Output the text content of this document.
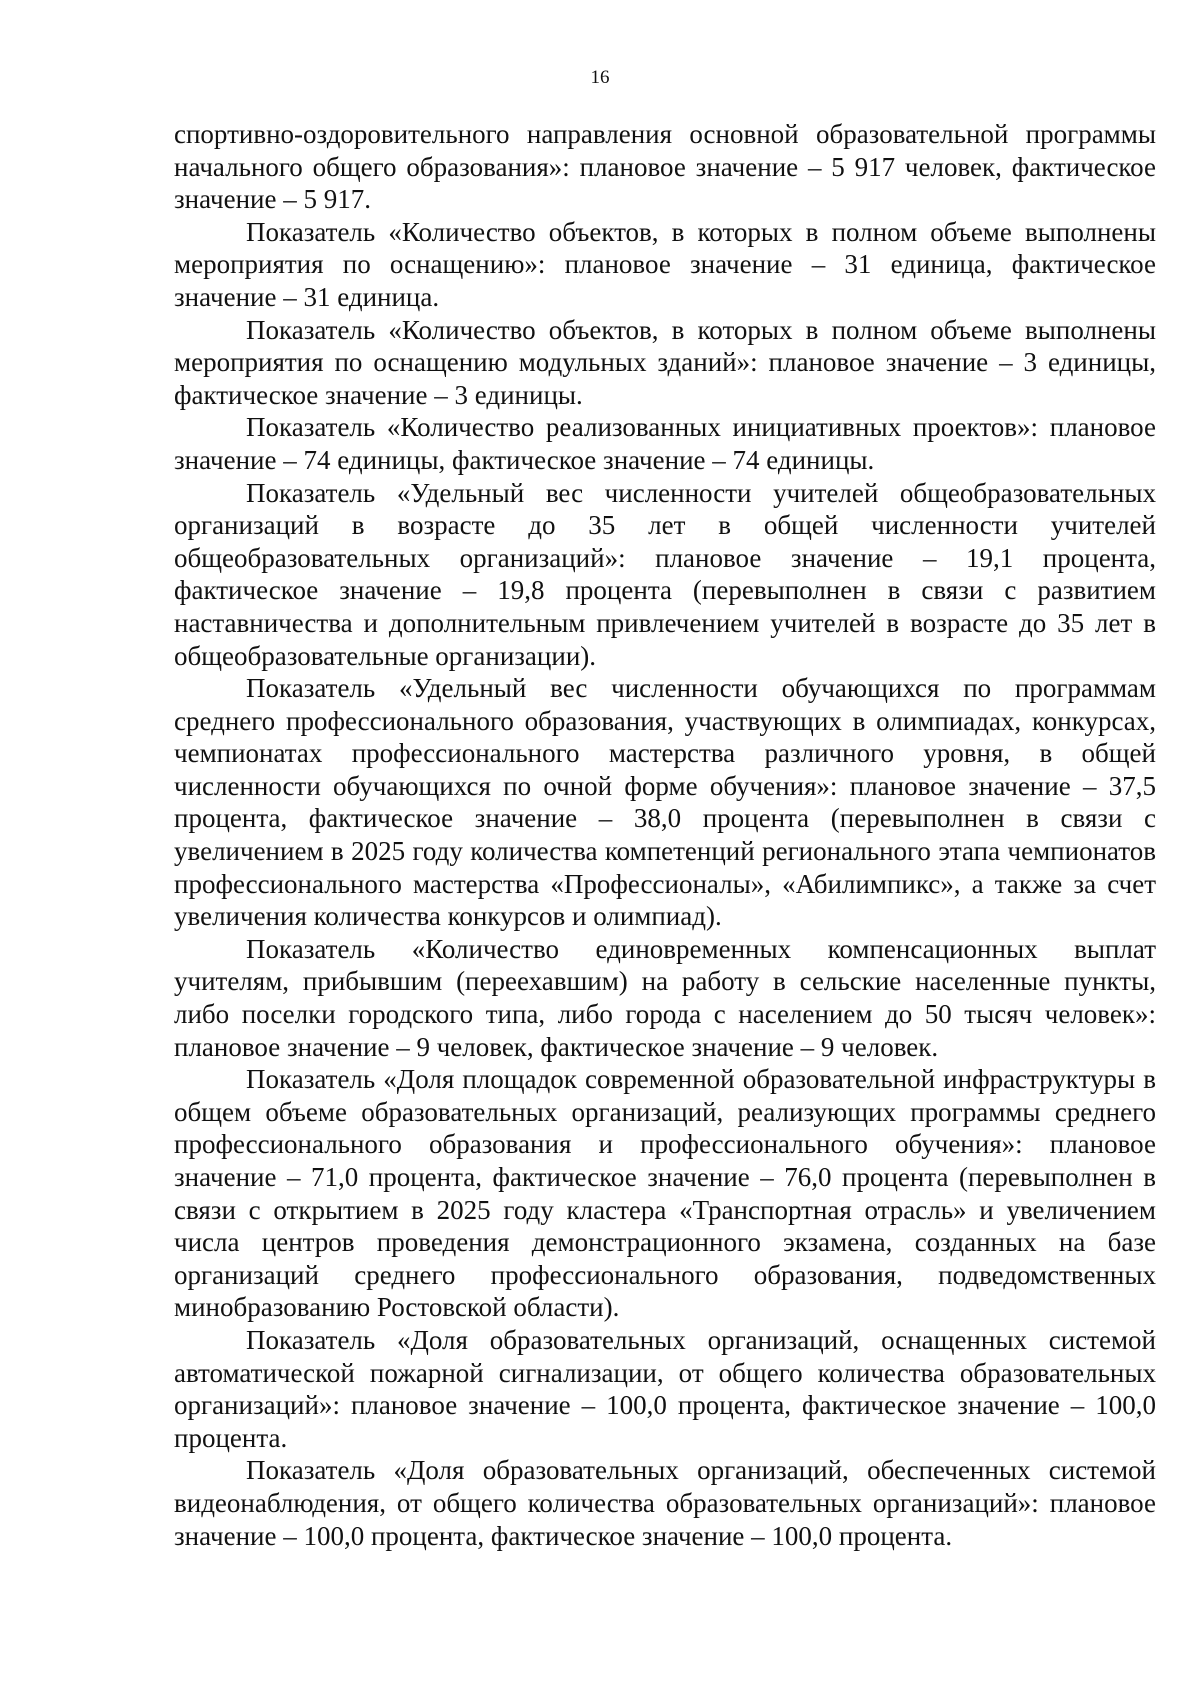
16

спортивно-оздоровительного направления основной образовательной программы начального общего образования»: плановое значение – 5 917 человек, фактическое значение – 5 917.

Показатель «Количество объектов, в которых в полном объеме выполнены мероприятия по оснащению»: плановое значение – 31 единица, фактическое значение – 31 единица.

Показатель «Количество объектов, в которых в полном объеме выполнены мероприятия по оснащению модульных зданий»: плановое значение – 3 единицы, фактическое значение – 3 единицы.

Показатель «Количество реализованных инициативных проектов»: плановое значение – 74 единицы, фактическое значение – 74 единицы.

Показатель «Удельный вес численности учителей общеобразовательных организаций в возрасте до 35 лет в общей численности учителей общеобразовательных организаций»: плановое значение – 19,1 процента, фактическое значение – 19,8 процента (перевыполнен в связи с развитием наставничества и дополнительным привлечением учителей в возрасте до 35 лет в общеобразовательные организации).

Показатель «Удельный вес численности обучающихся по программам среднего профессионального образования, участвующих в олимпиадах, конкурсах, чемпионатах профессионального мастерства различного уровня, в общей численности обучающихся по очной форме обучения»: плановое значение – 37,5 процента, фактическое значение – 38,0 процента (перевыполнен в связи с увеличением в 2025 году количества компетенций регионального этапа чемпионатов профессионального мастерства «Профессионалы», «Абилимпикс», а также за счет увеличения количества конкурсов и олимпиад).

Показатель «Количество единовременных компенсационных выплат учителям, прибывшим (переехавшим) на работу в сельские населенные пункты, либо поселки городского типа, либо города с населением до 50 тысяч человек»: плановое значение – 9 человек, фактическое значение – 9 человек.

Показатель «Доля площадок современной образовательной инфраструктуры в общем объеме образовательных организаций, реализующих программы среднего профессионального образования и профессионального обучения»: плановое значение – 71,0 процента, фактическое значение – 76,0 процента (перевыполнен в связи с открытием в 2025 году кластера «Транспортная отрасль» и увеличением числа центров проведения демонстрационного экзамена, созданных на базе организаций среднего профессионального образования, подведомственных минобразованию Ростовской области).

Показатель «Доля образовательных организаций, оснащенных системой автоматической пожарной сигнализации, от общего количества образовательных организаций»: плановое значение – 100,0 процента, фактическое значение – 100,0 процента.

Показатель «Доля образовательных организаций, обеспеченных системой видеонаблюдения, от общего количества образовательных организаций»: плановое значение – 100,0 процента, фактическое значение – 100,0 процента.
